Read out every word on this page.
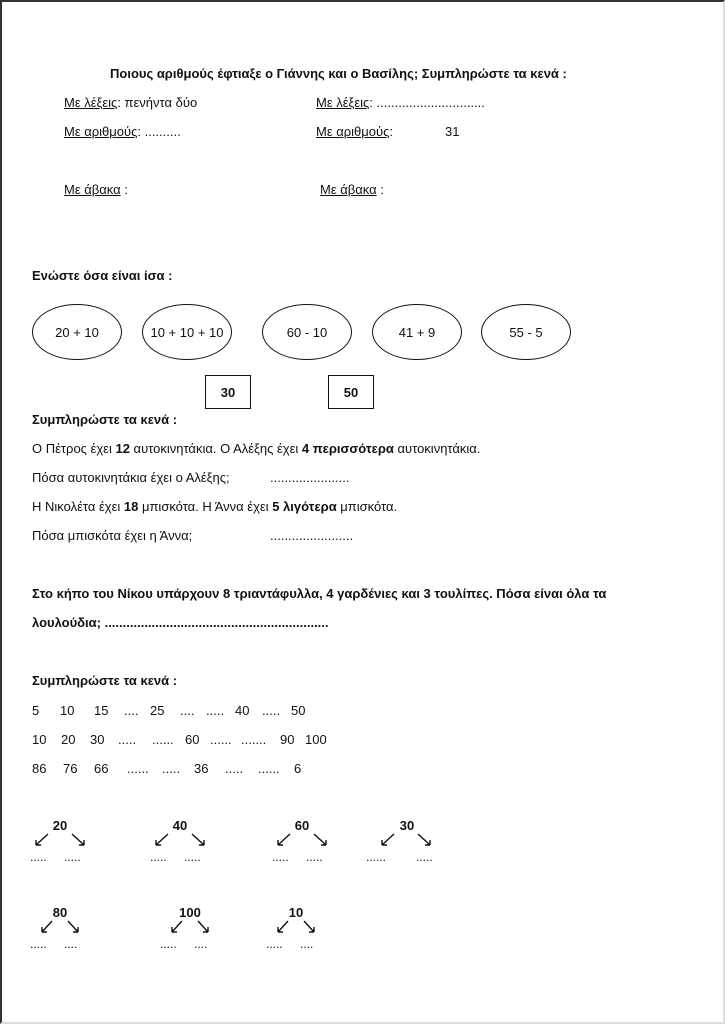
Ποιους αριθμούς έφτιαξε ο Γιάννης και ο Βασίλης; Συμπληρώστε τα κενά :
Με λέξεις: πενήντα δύο	Με λέξεις: ..............................
Με αριθμούς: ..........	Με αριθμούς:	31
Με άβακα :	Με άβακα :
Ενώστε όσα είναι ίσα :
20 + 10	10 + 10 + 10	60 - 10	41 + 9	55 - 5
30	50
Συμπληρώστε τα κενά :
Ο Πέτρος έχει 12 αυτοκινητάκια. Ο Αλέξης έχει 4 περισσότερα αυτοκινητάκια.
Πόσα αυτοκινητάκια έχει ο Αλέξης;	......................
Η Νικολέτα έχει 18 μπισκότα. Η Άννα έχει 5 λιγότερα μπισκότα.
Πόσα μπισκότα έχει η Άννα;	.......................
Στο κήπο του Νίκου υπάρχουν 8 τριαντάφυλλα, 4 γαρδένιες και 3 τουλίπες. Πόσα είναι όλα τα
λουλούδια; ..............................................................
Συμπληρώστε τα κενά :
5 10 15 .... 25 .... ..... 40 ..... 50
10 20 30 ..... ...... 60 ...... ....... 90 100
86 76 66 ...... ..... 36 ..... ...... 6
20
..... .....
40
..... .....
60
..... .....
30
...... .....
80
..... ....
100
..... ....
10
..... ....
